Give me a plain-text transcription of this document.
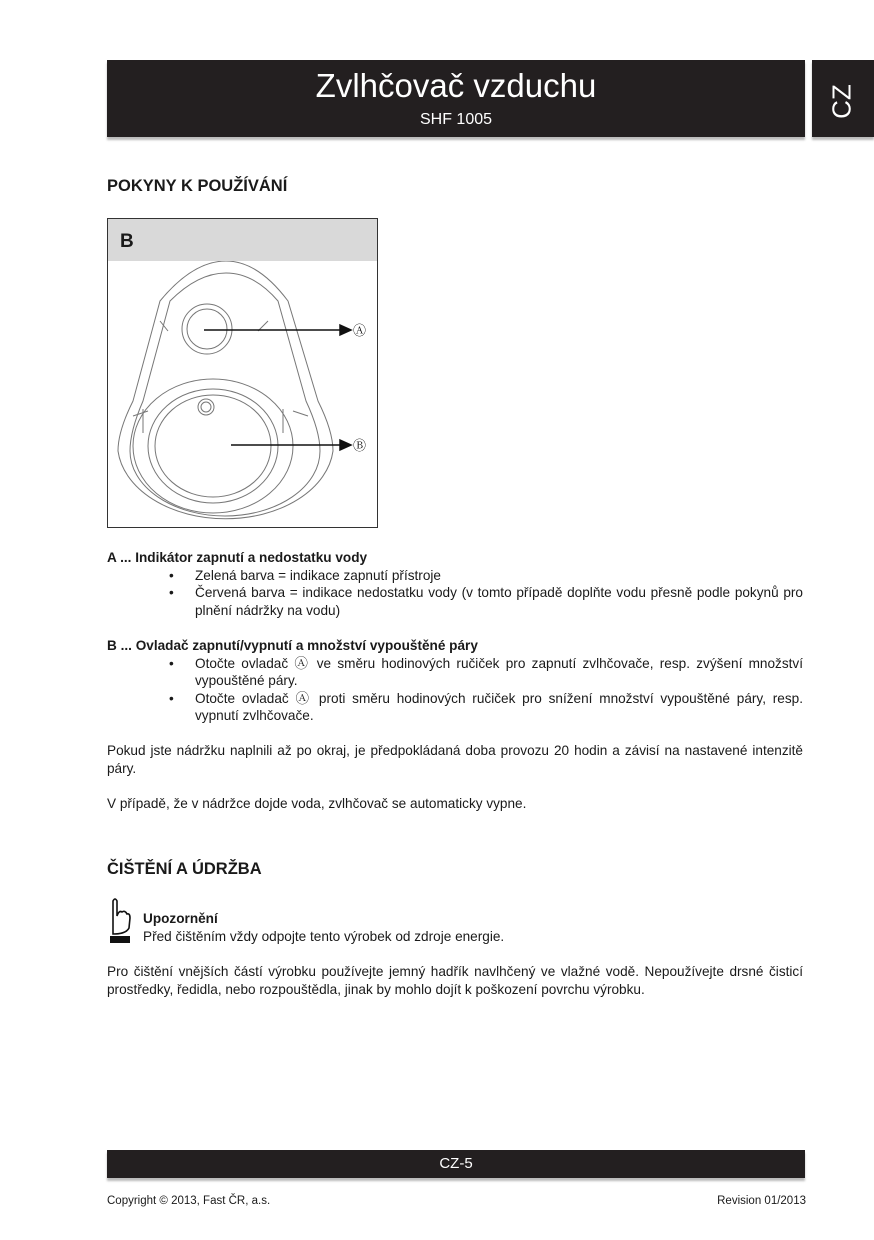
Zvlhčovač vzduchu
SHF 1005
CZ
POKYNY K POUŽÍVÁNÍ
B
Ⓐ
Ⓑ
A ... Indikátor zapnutí a nedostatku vody
• Zelená barva = indikace zapnutí přístroje
• Červená barva = indikace nedostatku vody (v tomto případě doplňte vodu přesně podle pokynů pro plnění nádržky na vodu)
B ... Ovladač zapnutí/vypnutí a množství vypouštěné páry
• Otočte ovladač Ⓐ ve směru hodinových ručiček pro zapnutí zvlhčovače, resp. zvýšení množství vypouštěné páry.
• Otočte ovladač Ⓐ proti směru hodinových ručiček pro snížení množství vypouštěné páry, resp. vypnutí zvlhčovače.

Pokud jste nádržku naplnili až po okraj, je předpokládaná doba provozu 20 hodin a závisí na nastavené intenzitě páry.

V případě, že v nádržce dojde voda, zvlhčovač se automaticky vypne.

ČIŠTĚNÍ A ÚDRŽBA
Upozornění
Před čištěním vždy odpojte tento výrobek od zdroje energie.

Pro čištění vnějších částí výrobku používejte jemný hadřík navlhčený ve vlažné vodě. Nepoužívejte drsné čisticí prostředky, ředidla, nebo rozpouštědla, jinak by mohlo dojít k poškození povrchu výrobku.

CZ-5
Copyright © 2013, Fast ČR, a.s.	Revision 01/2013
